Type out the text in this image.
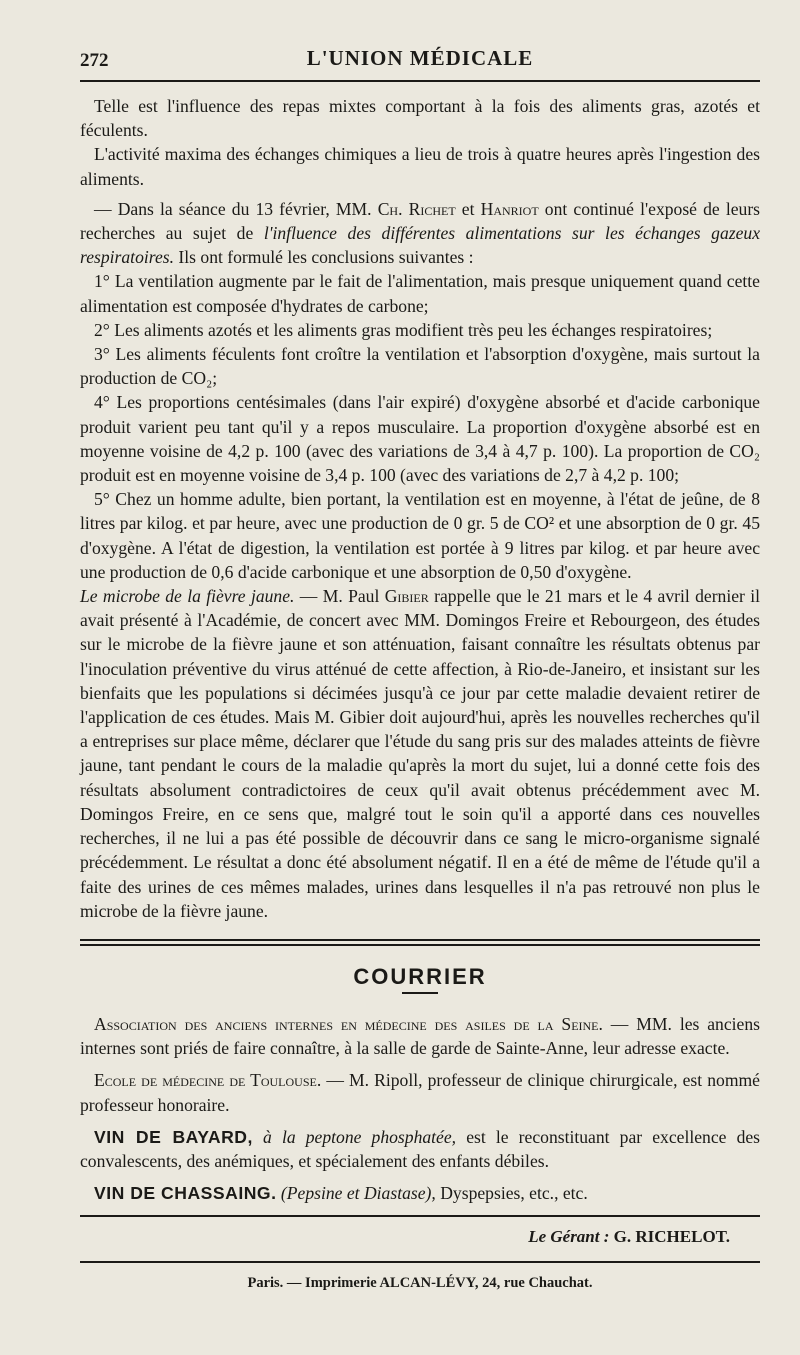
272	L'UNION MÉDICALE

Telle est l'influence des repas mixtes comportant à la fois des aliments gras, azotés et féculents.

L'activité maxima des échanges chimiques a lieu de trois à quatre heures après l'ingestion des aliments.

— Dans la séance du 13 février, MM. Ch. Richet et Hanriot ont continué l'exposé de leurs recherches au sujet de l'influence des différentes alimentations sur les échanges gazeux respiratoires. Ils ont formulé les conclusions suivantes :

1° La ventilation augmente par le fait de l'alimentation, mais presque uniquement quand cette alimentation est composée d'hydrates de carbone;

2° Les aliments azotés et les aliments gras modifient très peu les échanges respiratoires;

3° Les aliments féculents font croître la ventilation et l'absorption d'oxygène, mais surtout la production de CO₂;

4° Les proportions centésimales (dans l'air expiré) d'oxygène absorbé et d'acide carbonique produit varient peu tant qu'il y a repos musculaire. La proportion d'oxygène absorbé est en moyenne voisine de 4,2 p. 100 (avec des variations de 3,4 à 4,7 p. 100). La proportion de CO₂ produit est en moyenne voisine de 3,4 p. 100 (avec des variations de 2,7 à 4,2 p. 100;

5° Chez un homme adulte, bien portant, la ventilation est en moyenne, à l'état de jeûne, de 8 litres par kilog. et par heure, avec une production de 0 gr. 5 de CO² et une absorption de 0 gr. 45 d'oxygène. A l'état de digestion, la ventilation est portée à 9 litres par kilog. et par heure avec une production de 0,6 d'acide carbonique et une absorption de 0,50 d'oxygène.

Le microbe de la fièvre jaune. — M. Paul Gibier rappelle que le 21 mars et le 4 avril dernier il avait présenté à l'Académie, de concert avec MM. Domingos Freire et Rebourgeon, des études sur le microbe de la fièvre jaune et son atténuation, faisant connaître les résultats obtenus par l'inoculation préventive du virus atténué de cette affection, à Rio-de-Janeiro, et insistant sur les bienfaits que les populations si décimées jusqu'à ce jour par cette maladie devaient retirer de l'application de ces études. Mais M. Gibier doit aujourd'hui, après les nouvelles recherches qu'il a entreprises sur place même, déclarer que l'étude du sang pris sur des malades atteints de fièvre jaune, tant pendant le cours de la maladie qu'après la mort du sujet, lui a donné cette fois des résultats absolument contradictoires de ceux qu'il avait obtenus précédemment avec M. Domingos Freire, en ce sens que, malgré tout le soin qu'il a apporté dans ces nouvelles recherches, il ne lui a pas été possible de découvrir dans ce sang le micro-organisme signalé précédemment. Le résultat a donc été absolument négatif. Il en a été de même de l'étude qu'il a faite des urines de ces mêmes malades, urines dans lesquelles il n'a pas retrouvé non plus le microbe de la fièvre jaune.

COURRIER

Association des anciens internes en médecine des asiles de la Seine. — MM. les anciens internes sont priés de faire connaître, à la salle de garde de Sainte-Anne, leur adresse exacte.

Ecole de médecine de Toulouse. — M. Ripoll, professeur de clinique chirurgicale, est nommé professeur honoraire.

VIN DE BAYARD, à la peptone phosphatée, est le reconstituant par excellence des convalescents, des anémiques, et spécialement des enfants débiles.

VIN DE CHASSAING. (Pepsine et Diastase), Dyspepsies, etc., etc.

Le Gérant : G. RICHELOT.
Paris. — Imprimerie ALCAN-LÉVY, 24, rue Chauchat.
